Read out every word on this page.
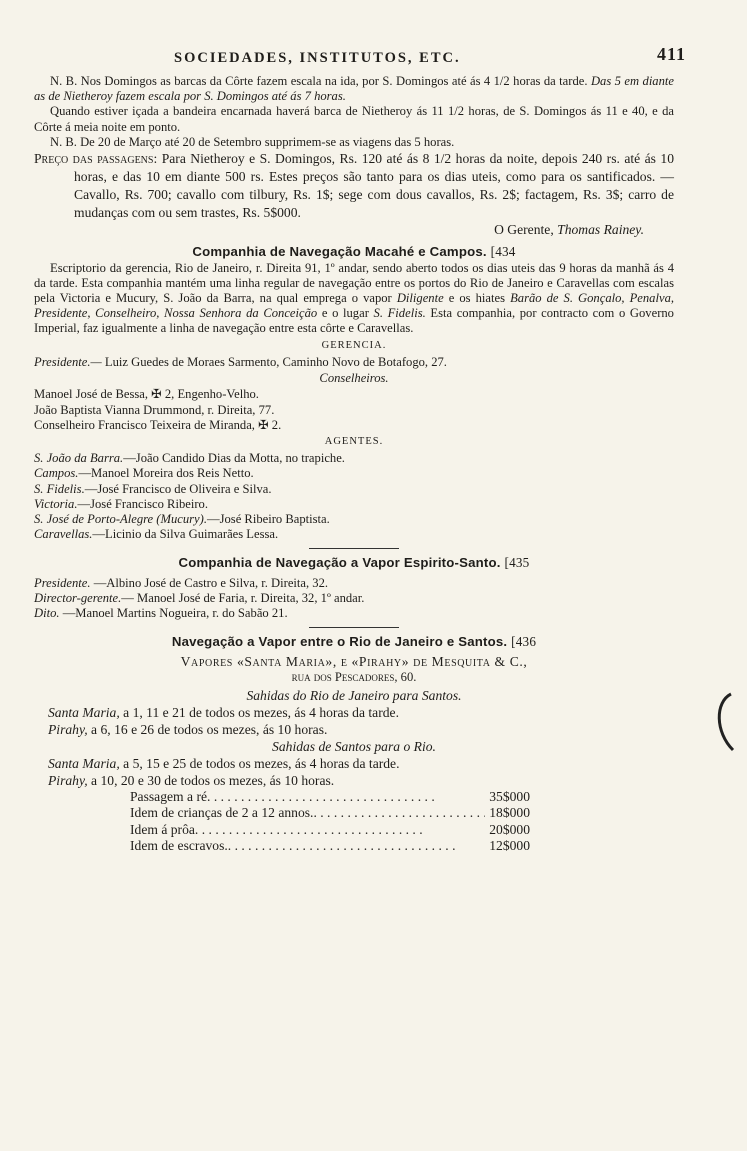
SOCIEDADES, INSTITUTOS, ETC.	411

N. B. Nos Domingos as barcas da Côrte fazem escala na ida, por S. Domingos até ás 4 1/2 horas da tarde. Das 5 em diante as de Nietheroy fazem escala por S. Domingos até ás 7 horas.

Quando estiver içada a bandeira encarnada haverá barca de Nietheroy ás 11 1/2 horas, de S. Domingos ás 11 e 40, e da Côrte á meia noite em ponto.

N. B. De 20 de Março até 20 de Setembro supprimem-se as viagens das 5 horas.

Preço das passagens: Para Nietheroy e S. Domingos, Rs. 120 até ás 8 1/2 horas da noite, depois 240 rs. até ás 10 horas, e das 10 em diante 500 rs. Estes preços são tanto para os dias uteis, como para os santificados. —Cavallo, Rs. 700; cavallo com tilbury, Rs. 1$; sege com dous cavallos, Rs. 2$; factagem, Rs. 3$; carro de mudanças com ou sem trastes, Rs. 5$000.

O Gerente, Thomas Rainey.

Companhia de Navegação Macahé e Campos. [434

Escriptorio da gerencia, Rio de Janeiro, r. Direita 91, 1º andar, sendo aberto todos os dias uteis das 9 horas da manhã ás 4 da tarde. Esta companhia mantém uma linha regular de navegação entre os portos do Rio de Janeiro e Caravellas com escalas pela Victoria e Mucury, S. João da Barra, na qual emprega o vapor Diligente e os hiates Barão de S. Gonçalo, Penalva, Presidente, Conselheiro, Nossa Senhora da Conceição e o lugar S. Fidelis. Esta companhia, por contracto com o Governo Imperial, faz igualmente a linha de navegação entre esta côrte e Caravellas.

GERENCIA.

Presidente.— Luiz Guedes de Moraes Sarmento, Caminho Novo de Botafogo, 27.

Conselheiros.
Manoel José de Bessa, ✠ 2, Engenho-Velho.
João Baptista Vianna Drummond, r. Direita, 77.
Conselheiro Francisco Teixeira de Miranda, ✠ 2.
AGENTES.
S. João da Barra.—João Candido Dias da Motta, no trapiche.
Campos.—Manoel Moreira dos Reis Netto.
S. Fidelis.—José Francisco de Oliveira e Silva.
Victoria.—José Francisco Ribeiro.
S. José de Porto-Alegre (Mucury).—José Ribeiro Baptista.
Caravellas.—Licinio da Silva Guimarães Lessa.
Companhia de Navegação a Vapor Espirito-Santo. [435
Presidente. —Albino José de Castro e Silva, r. Direita, 32.
Director-gerente.— Manoel José de Faria, r. Direita, 32, 1º andar.
Dito. —Manoel Martins Nogueira, r. do Sabão 21.
Navegação a Vapor entre o Rio de Janeiro e Santos. [436
Vapores «Santa Maria», e «Pirahy» de Mesquita & C.,
rua dos Pescadores, 60.
Sahidas do Rio de Janeiro para Santos.
Santa Maria, a 1, 11 e 21 de todos os mezes, ás 4 horas da tarde.
Pirahy, a 6, 16 e 26 de todos os mezes, ás 10 horas.
Sahidas de Santos para o Rio.
Santa Maria, a 5, 15 e 25 de todos os mezes, ás 4 horas da tarde.
Pirahy, a 10, 20 e 30 de todos os mezes, ás 10 horas.
Passagem a ré . . .	35$000
Idem de crianças de 2 a 12 annos. . . .	18$000
Idem á prôa . . .	20$000
Idem de escravos. . . .	12$000
